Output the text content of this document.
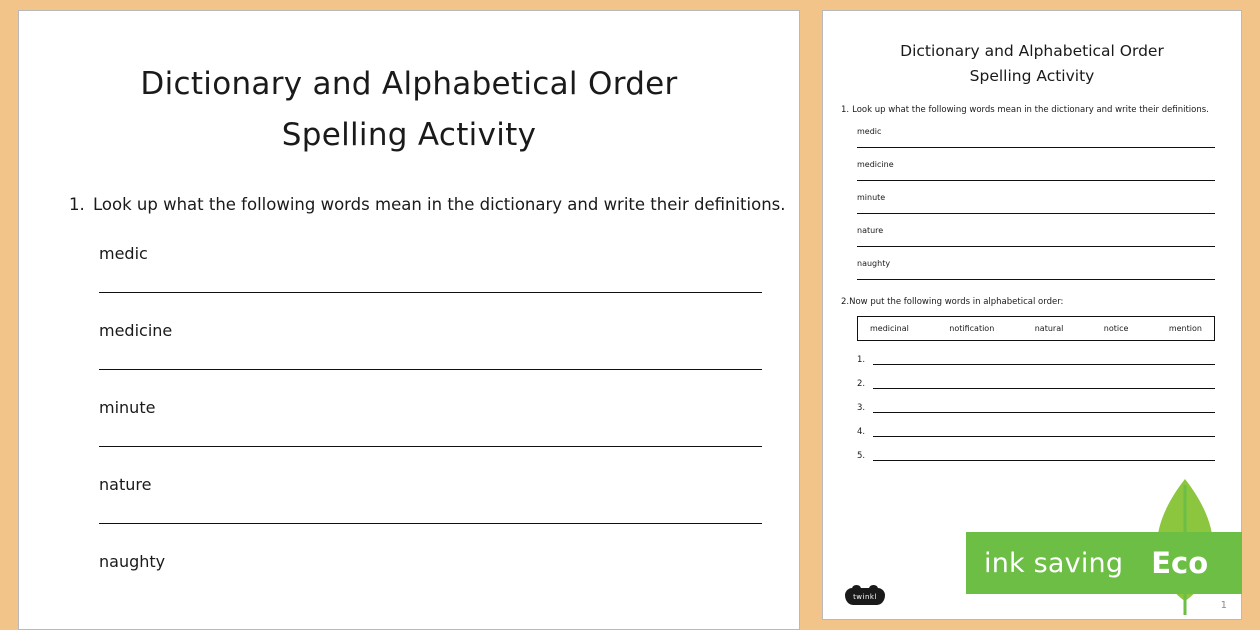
Dictionary and Alphabetical Order
Spelling Activity
1. Look up what the following words mean in the dictionary and write their definitions.
medic
medicine
minute
nature
naughty
Dictionary and Alphabetical Order
Spelling Activity
1. Look up what the following words mean in the dictionary and write their definitions.
medic
medicine
minute
nature
naughty
2.Now put the following words in alphabetical order:
medicinal	notification	natural	notice	mention
1.
2.
3.
4.
5.
twinkl
1
ink saving Eco
